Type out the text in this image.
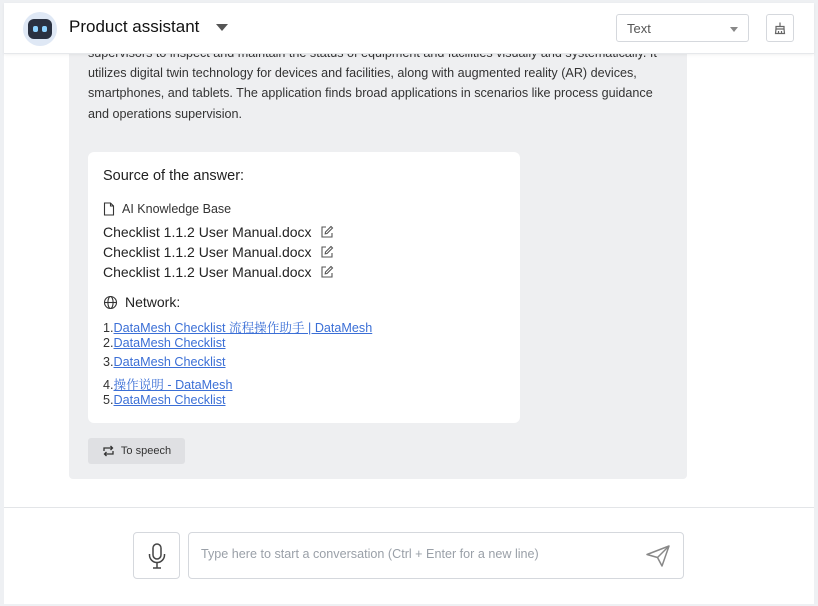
Product assistant	Text

utilizes digital twin technology for devices and facilities, along with augmented reality (AR) devices, smartphones, and tablets. The application finds broad applications in scenarios like process guidance and operations supervision.

Source of the answer:
AI Knowledge Base
Checklist 1.1.2 User Manual.docx
Checklist 1.1.2 User Manual.docx
Checklist 1.1.2 User Manual.docx
Network:
1.DataMesh Checklist 流程操作助手 | DataMesh
2.DataMesh Checklist
3.DataMesh Checklist
4.操作说明 - DataMesh
5.DataMesh Checklist
To speech
Type here to start a conversation (Ctrl + Enter for a new line)
